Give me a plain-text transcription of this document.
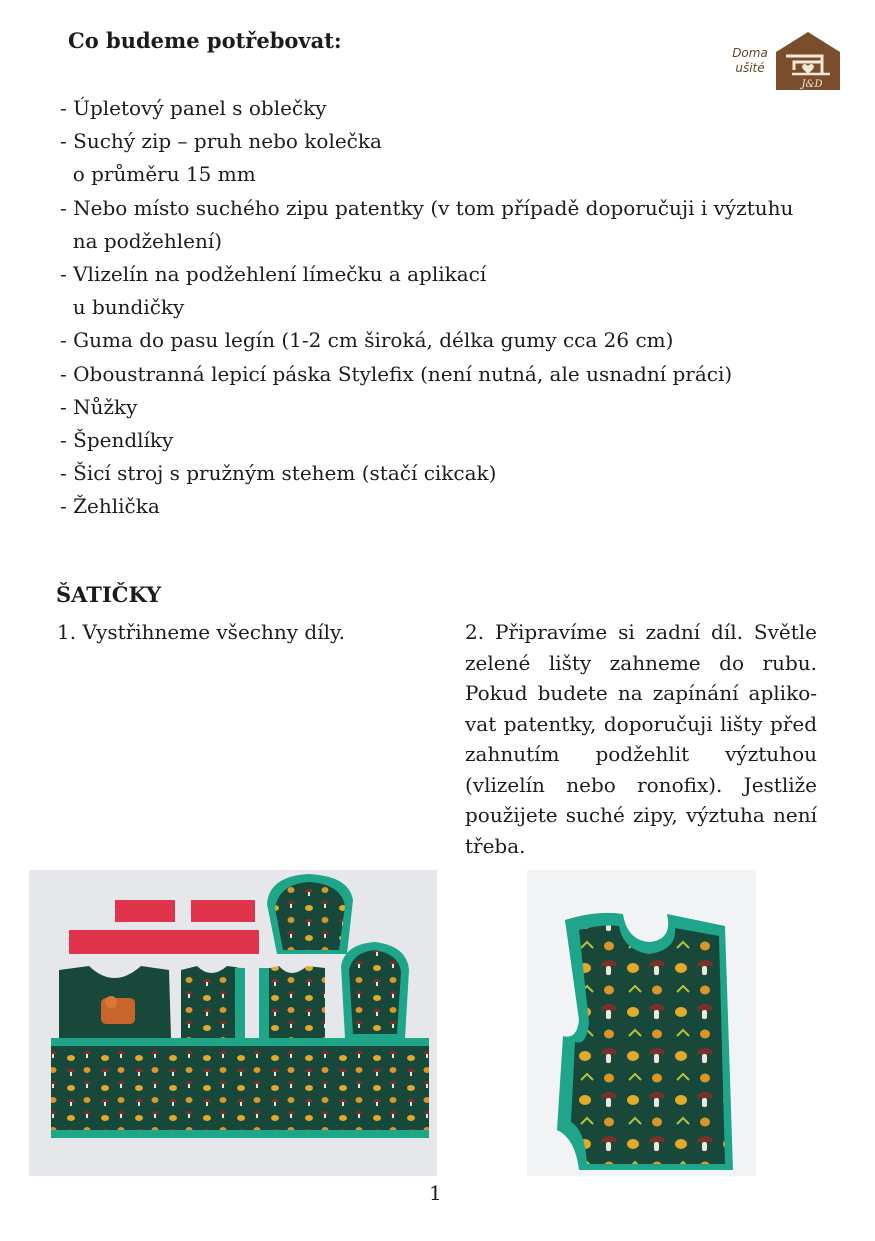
Co budeme potřebovat:	Doma
ušité
J&D
- Úpletový panel s oblečky
- Suchý zip – pruh nebo kolečka
o průměru 15 mm
- Nebo místo suchého zipu patentky (v tom případě doporučuji i výztuhu
na podžehlení)
- Vlizelín na podžehlení límečku a aplikací
u bundičky
- Guma do pasu legín (1-2 cm široká, délka gumy cca 26 cm)
- Oboustranná lepicí páska Stylefix (není nutná, ale usnadní práci)
- Nůžky
- Špendlíky
- Šicí stroj s pružným stehem (stačí cikcak)
- Žehlička
ŠATIČKY

1. Vystřihneme všechny díly.	2. Připravíme si zadní díl. Světle zelené lišty zahneme do rubu. Pokud budete na zapínání aplikovat patentky, doporučuji lišty před zahnutím podžehlit výztuhou (vlizelín nebo ronofix). Jestliže použijete suché zipy, výztuha není třeba.

1
